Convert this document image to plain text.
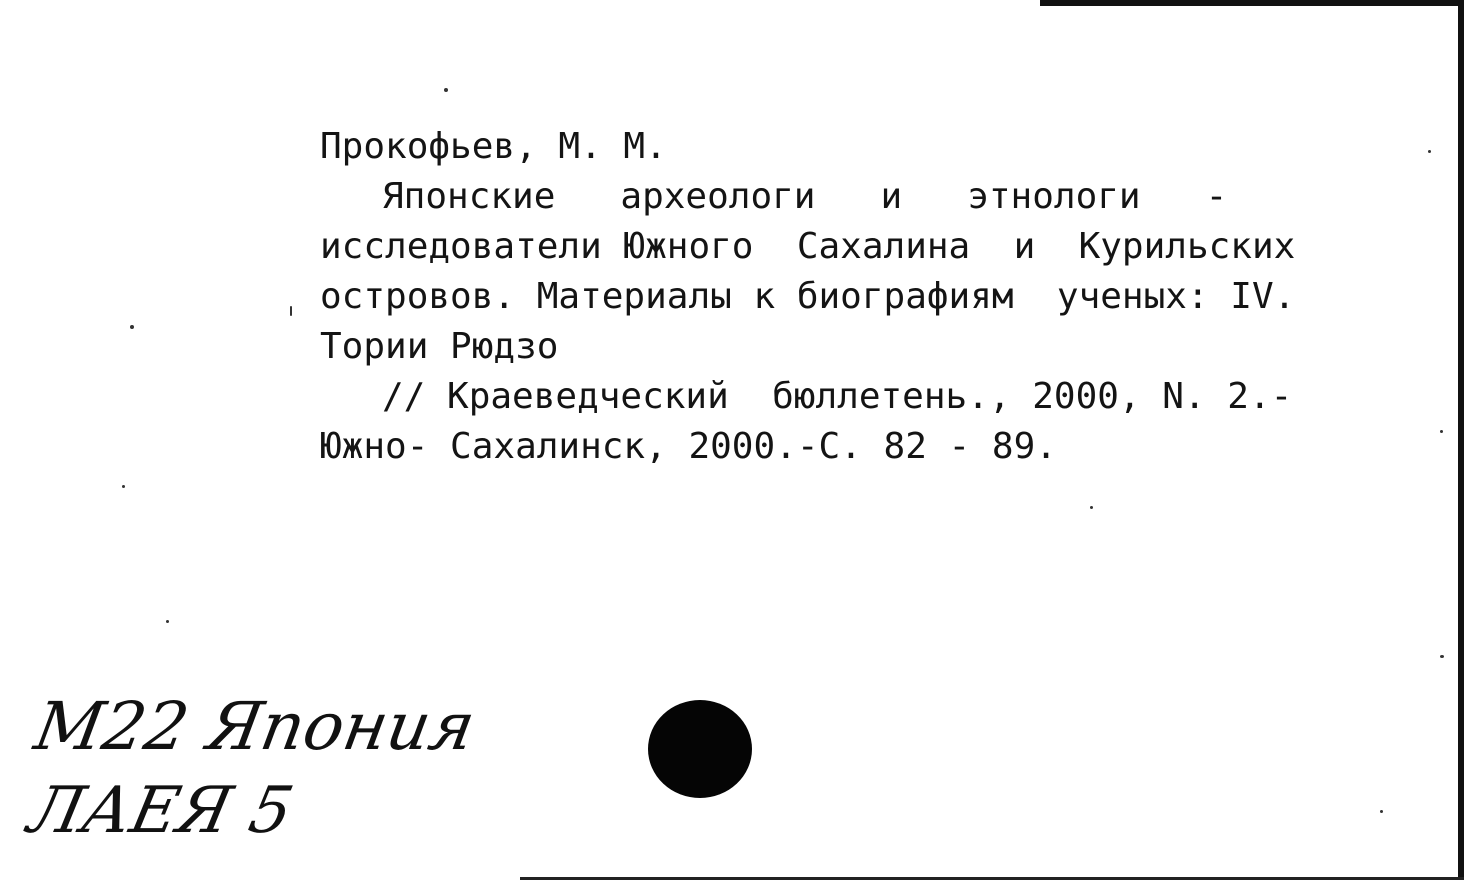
Прокофьев, М. М.
Японские   археологи   и   этнологи   -
исследователи Южного  Сахалина  и  Курильских
островов. Материалы к биографиям  ученых: IV.
Тории Рюдзо
// Краеведческий  бюллетень., 2000, N. 2.-
Южно- Сахалинск, 2000.-С. 82 - 89.
М22 Япония
ЛАЕЯ 5
